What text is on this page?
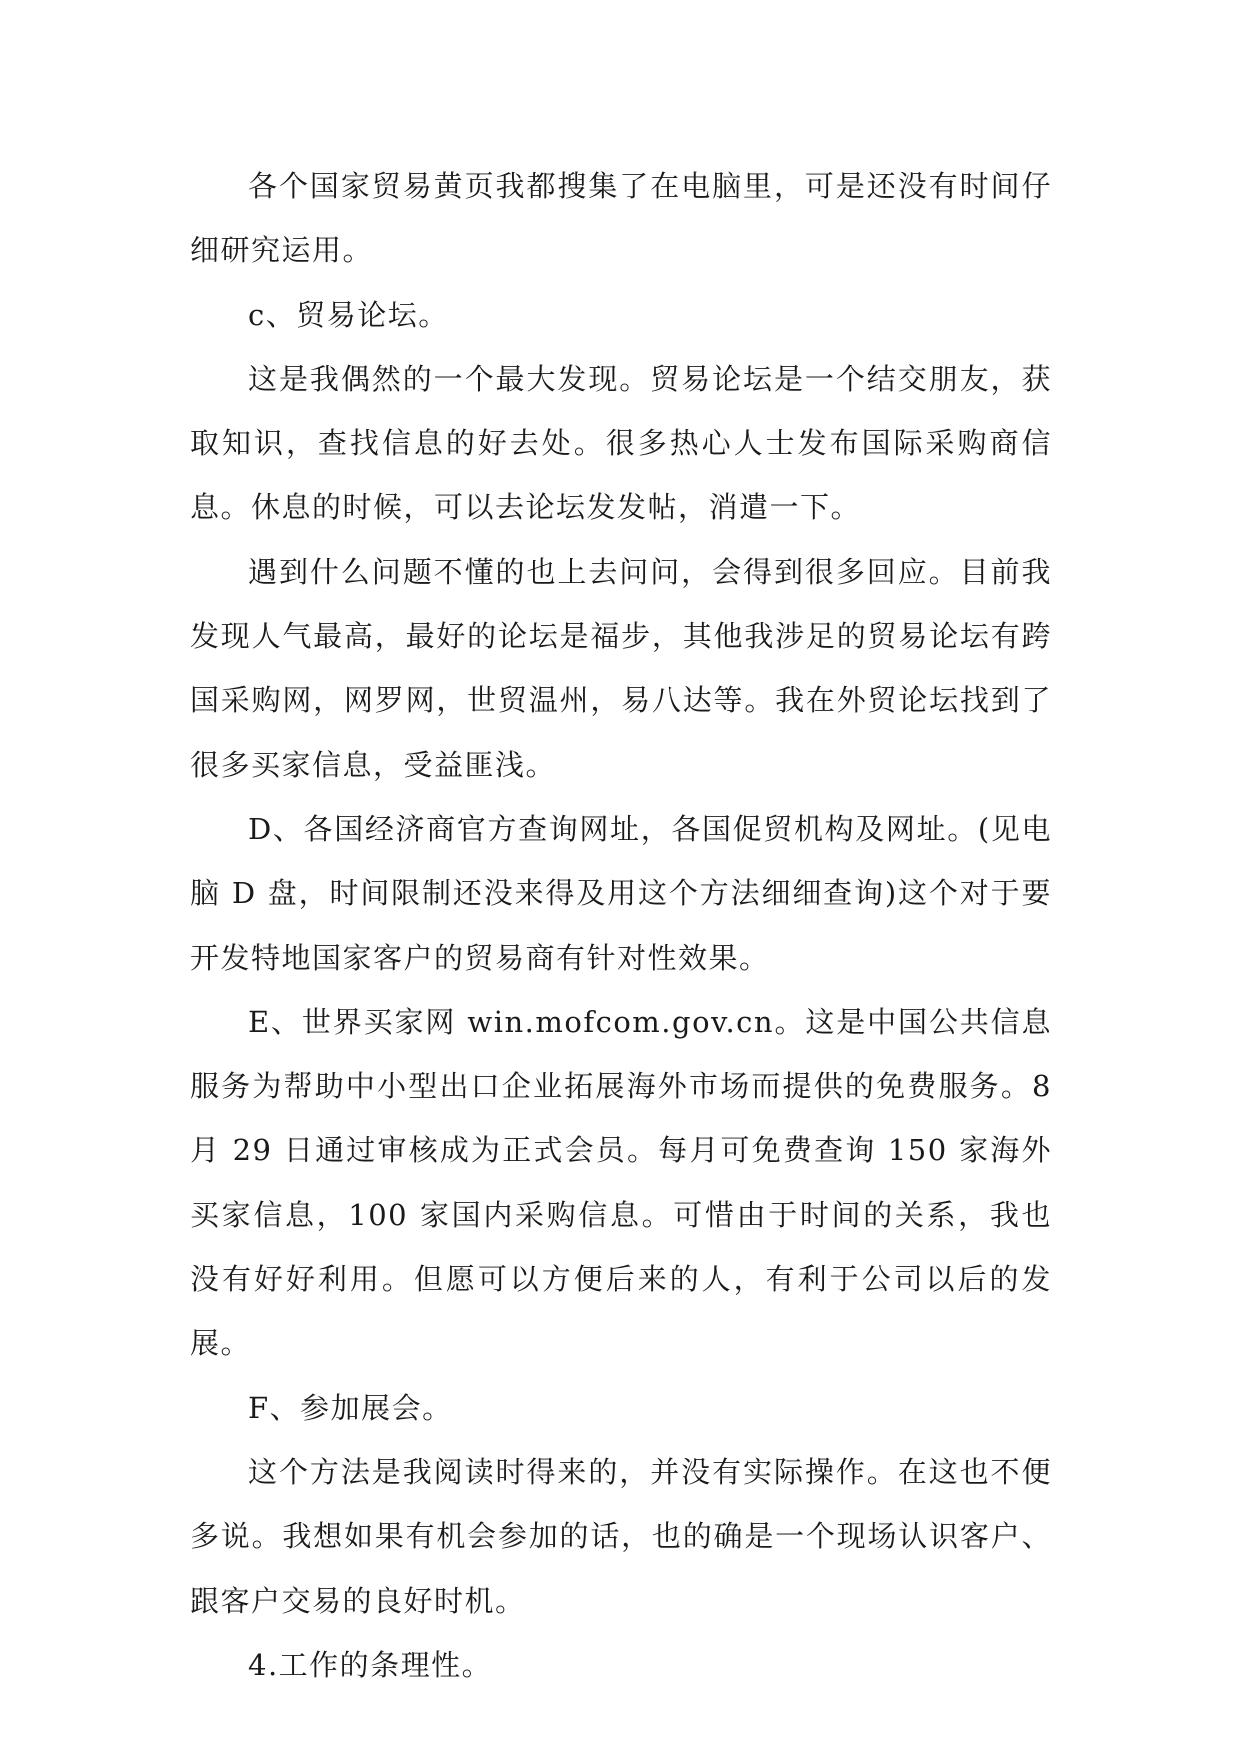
各个国家贸易黄页我都搜集了在电脑里，可是还没有时间仔细研究运用。

c、贸易论坛。

这是我偶然的一个最大发现。贸易论坛是一个结交朋友，获取知识，查找信息的好去处。很多热心人士发布国际采购商信息。休息的时候，可以去论坛发发帖，消遣一下。

遇到什么问题不懂的也上去问问，会得到很多回应。目前我发现人气最高，最好的论坛是福步，其他我涉足的贸易论坛有跨国采购网，网罗网，世贸温州，易八达等。我在外贸论坛找到了很多买家信息，受益匪浅。

D、各国经济商官方查询网址，各国促贸机构及网址。(见电脑 D 盘，时间限制还没来得及用这个方法细细查询)这个对于要开发特地国家客户的贸易商有针对性效果。

E、世界买家网 win.mofcom.gov.cn。这是中国公共信息服务为帮助中小型出口企业拓展海外市场而提供的免费服务。8 月 29 日通过审核成为正式会员。每月可免费查询 150 家海外买家信息，100 家国内采购信息。可惜由于时间的关系，我也没有好好利用。但愿可以方便后来的人，有利于公司以后的发展。

F、参加展会。

这个方法是我阅读时得来的，并没有实际操作。在这也不便多说。我想如果有机会参加的话，也的确是一个现场认识客户、跟客户交易的良好时机。

4.工作的条理性。
